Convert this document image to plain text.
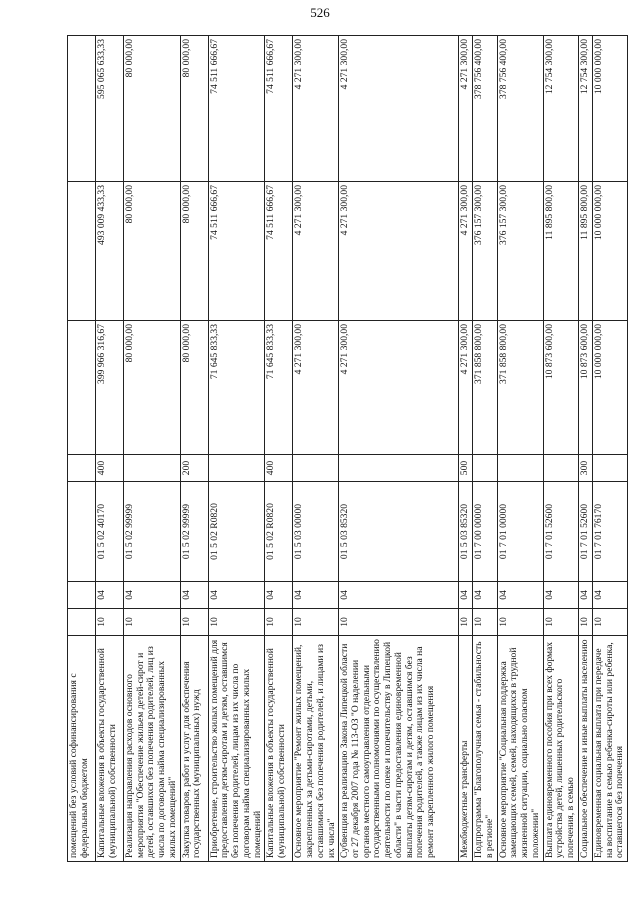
526
помещений без условий софинансирования с федеральным бюджетом							
Капитальные вложения в объекты государственной (муниципальной) собственности	10	04	01 5 02 40170	400	399 966 316,67	493 009 433,33	595 065 633,33
Реализация направления расходов основного мероприятия "Обеспечение жильем детей-сирот и детей, оставшихся без попечения родителей, лиц из числа по договорам найма специализированных жилых помещений"	10	04	01 5 02 99999		80 000,00	80 000,00	80 000,00
Закупка товаров, работ и услуг для обеспечения государственных (муниципальных) нужд	10	04	01 5 02 99999	200	80 000,00	80 000,00	80 000,00
Приобретение, строительство жилых помещений для предоставления детям-сиротам и детям, оставшимся без попечения родителей, лицам из их числа по договорам найма специализированных жилых помещений	10	04	01 5 02 R0820		71 645 833,33	74 511 666,67	74 511 666,67
Капитальные вложения в объекты государственной (муниципальной) собственности	10	04	01 5 02 R0820	400	71 645 833,33	74 511 666,67	74 511 666,67
Основное мероприятие "Ремонт жилых помещений, закрепленных за детьми-сиротами, детьми, оставшимися без попечения родителей, и лицами из их числа"	10	04	01 5 03 00000		4 271 300,00	4 271 300,00	4 271 300,00
Субвенция на реализацию Закона Липецкой области от 27 декабря 2007 года № 113-ОЗ "О наделении органов местного самоуправления отдельными государственными полномочиями по осуществлению деятельности по опеке и попечительству в Липецкой области" в части предоставления единовременной выплаты детям-сиротам и детям, оставшимся без попечения родителей, а также лицам из их числа на ремонт закрепленного жилого помещения	10	04	01 5 03 85320		4 271 300,00	4 271 300,00	4 271 300,00
Межбюджетные трансферты	10	04	01 5 03 85320	500	4 271 300,00	4 271 300,00	4 271 300,00
Подпрограмма "Благополучная семья - стабильность в регионе"	10	04	01 7 00 00000		371 858 800,00	376 157 300,00	378 756 400,00
Основное мероприятие "Социальная поддержка замещающих семей, семей, находящихся в трудной жизненной ситуации, социально опасном положении"	10	04	01 7 01 00000		371 858 800,00	376 157 300,00	378 756 400,00
Выплата единовременного пособия при всех формах устройства детей, лишенных родительского попечения, в семью	10	04	01 7 01 52600		10 873 600,00	11 895 800,00	12 754 300,00
Социальное обеспечение и иные выплаты населению	10	04	01 7 01 52600	300	10 873 600,00	11 895 800,00	12 754 300,00
Единовременная социальная выплата при передаче на воспитание в семью ребенка-сироты или ребенка, оставшегося без попечения	10	04	01 7 01 76170		10 000 000,00	10 000 000,00	10 000 000,00
